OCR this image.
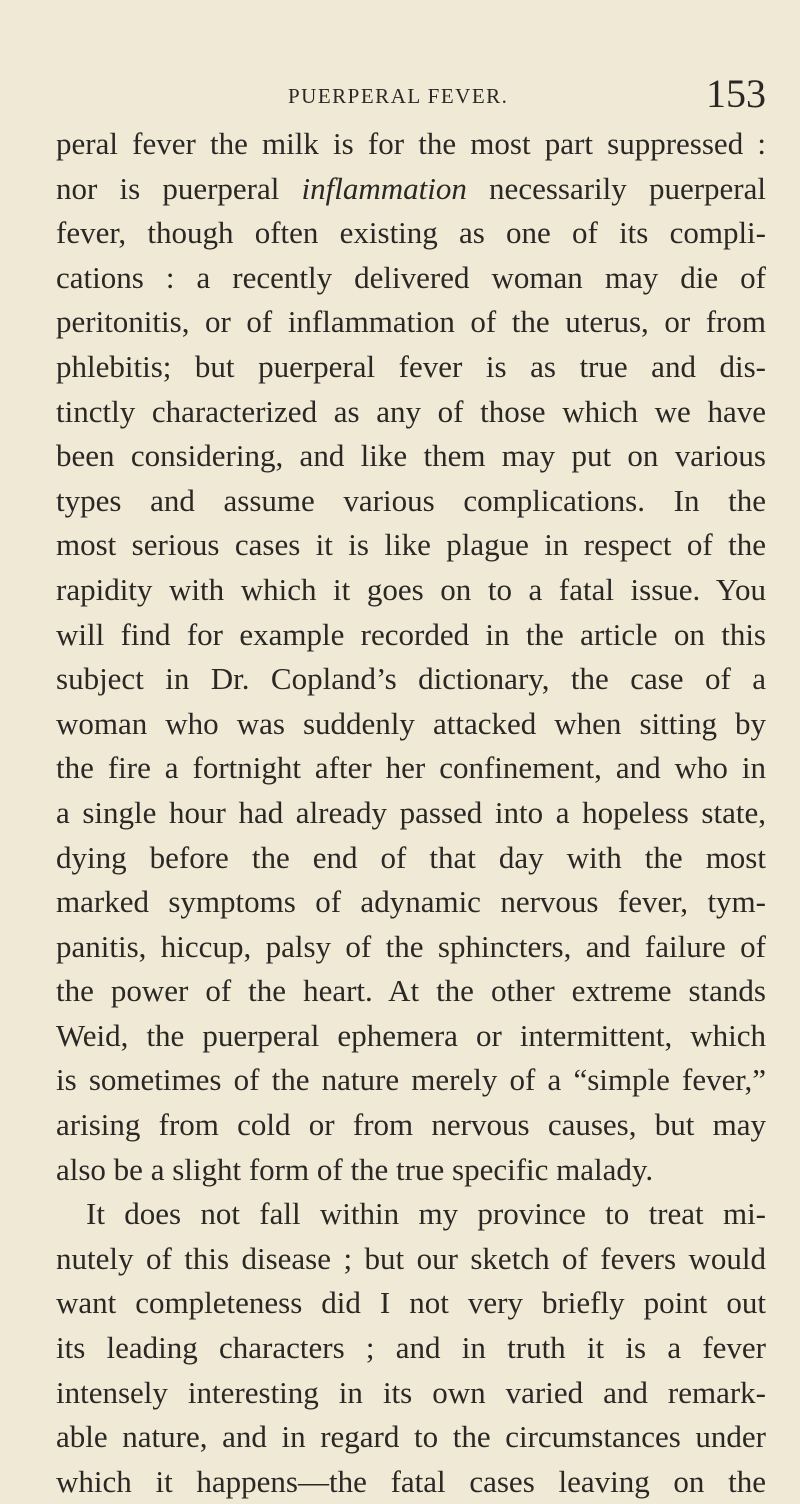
PUERPERAL FEVER.	153
peral fever the milk is for the most part suppressed :
nor is puerperal inflammation necessarily puerperal
fever, though often existing as one of its compli-
cations : a recently delivered woman may die of
peritonitis, or of inflammation of the uterus, or from
phlebitis; but puerperal fever is as true and dis-
tinctly characterized as any of those which we have
been considering, and like them may put on various
types and assume various complications. In the
most serious cases it is like plague in respect of the
rapidity with which it goes on to a fatal issue. You
will find for example recorded in the article on this
subject in Dr. Copland’s dictionary, the case of a
woman who was suddenly attacked when sitting by
the fire a fortnight after her confinement, and who in
a single hour had already passed into a hopeless state,
dying before the end of that day with the most
marked symptoms of adynamic nervous fever, tym-
panitis, hiccup, palsy of the sphincters, and failure of
the power of the heart. At the other extreme stands
Weid, the puerperal ephemera or intermittent, which
is sometimes of the nature merely of a “simple fever,”
arising from cold or from nervous causes, but may
also be a slight form of the true specific malady.
It does not fall within my province to treat mi-
nutely of this disease ; but our sketch of fevers would
want completeness did I not very briefly point out
its leading characters ; and in truth it is a fever
intensely interesting in its own varied and remark-
able nature, and in regard to the circumstances under
which it happens—the fatal cases leaving on the
